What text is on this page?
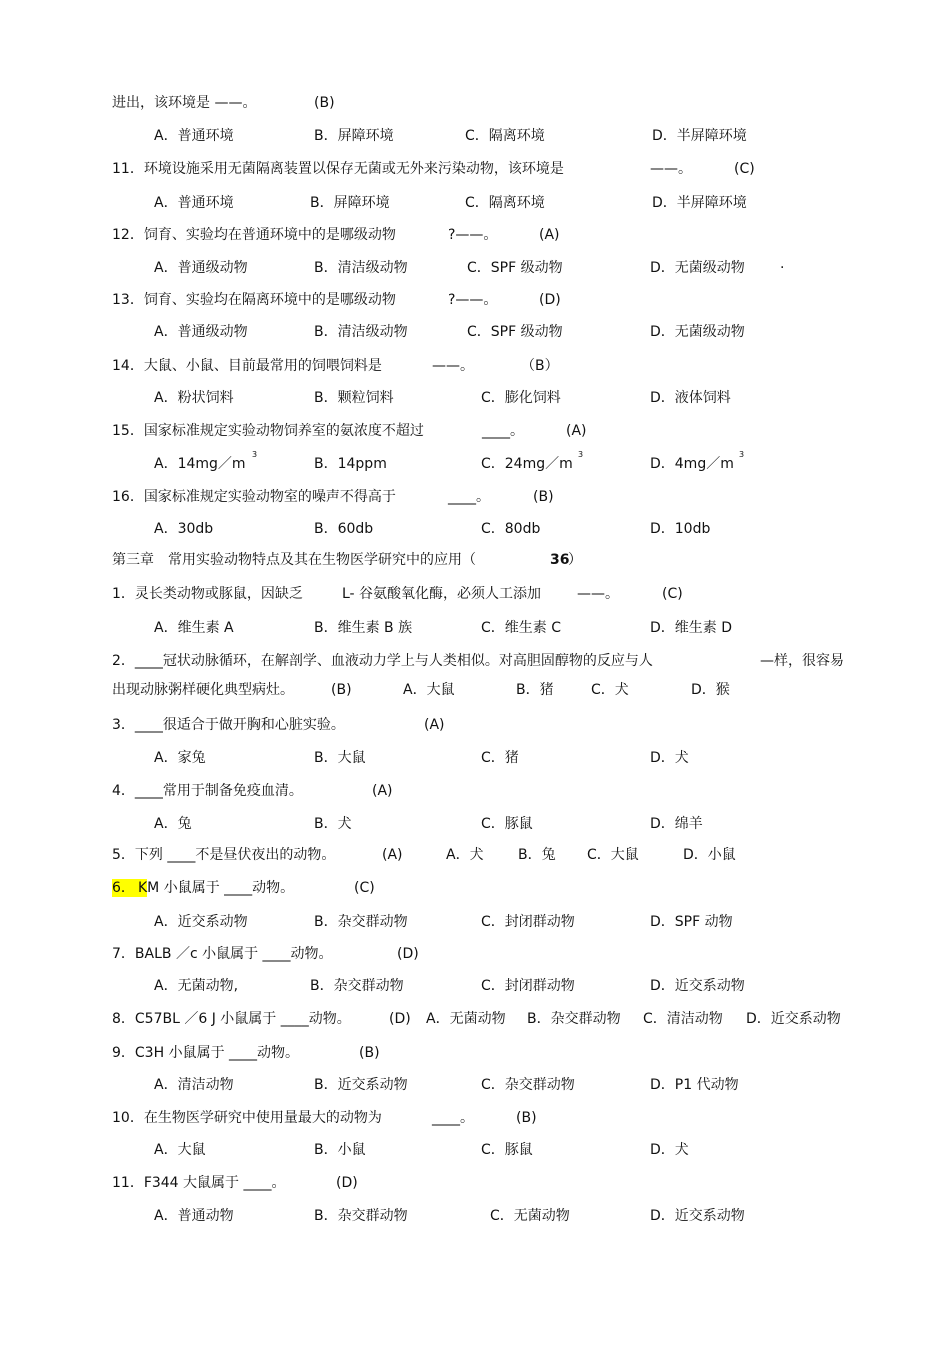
进出，该环境是 ——。	(B)
A．普通环境	B．屏障环境	C．隔离环境	D．半屏障环境
11．环境设施采用无菌隔离装置以保存无菌或无外来污染动物，该环境是	——。	(C)
A．普通环境	B．屏障环境	C．隔离环境	D．半屏障环境
12．饲育、实验均在普通环境中的是哪级动物	?——。	(A)
A．普通级动物	B．清洁级动物	C．SPF 级动物	D．无菌级动物	·
13．饲育、实验均在隔离环境中的是哪级动物	?——。	(D)
A．普通级动物	B．清洁级动物	C．SPF 级动物	D．无菌级动物
14．大鼠、小鼠、目前最常用的饲喂饲料是	——。	（B）
A．粉状饲料	B．颗粒饲料	C．膨化饲料	D．液体饲料
15．国家标准规定实验动物饲养室的氨浓度不超过	____。	(A)
A．14mg／m
3
B．14ppm	C．24mg／m
3
D．4mg／m
3
16．国家标准规定实验动物室的噪声不得高于	____。	(B)
A．30db	B．60db	C．80db	D．10db
第三章　常用实验动物特点及其在生物医学研究中的应用（	36
）
1．灵长类动物或豚鼠，因缺乏	L- 谷氨酸氧化酶，必须人工添加	——。	(C)
A．维生素 A	B．维生素 B 族	C．维生素 C	D．维生素 D
2．____冠状动脉循环，在解剖学、血液动力学上与人类相似。对高胆固醇物的反应与人	—样，很容易
出现动脉粥样硬化典型病灶。	(B)	A．大鼠	B．猪	C．犬	D．猴
3．____很适合于做开胸和心脏实验。	(A)
A．家兔	B．大鼠	C．猪	D．犬
4．____常用于制备免疫血清。	(A)
A．兔	B．犬	C．豚鼠	D．绵羊
5．下列 ____不是昼伏夜出的动物。	(A)	A．犬 B．兔 C．大鼠	D．小鼠
6． KM 小鼠属于 ____动物。	(C)
A．近交系动物	B．杂交群动物	C．封闭群动物	D．SPF 动物
7．BALB ／c 小鼠属于 ____动物。	(D)
A．无菌动物,	B．杂交群动物	C．封闭群动物	D．近交系动物
8．C57BL ／6 J 小鼠属于 ____动物。	(D) A．无菌动物 B．杂交群动物 C．清洁动物 D．近交系动物
9．C3H 小鼠属于 ____动物。	(B)
A．清洁动物	B．近交系动物	C．杂交群动物	D．P1 代动物
10．在生物医学研究中使用量最大的动物为	____。	(B)
A．大鼠	B．小鼠	C．豚鼠	D．犬
11．F344 大鼠属于 ____。	(D)
A．普通动物	B．杂交群动物	C．无菌动物	D．近交系动物
